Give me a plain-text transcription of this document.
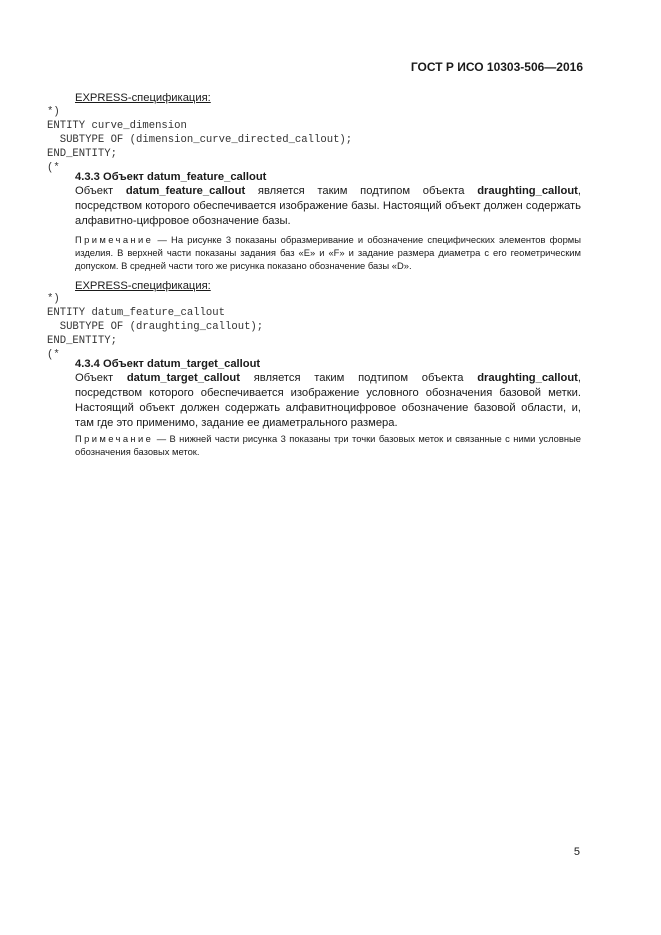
ГОСТ Р ИСО 10303-506—2016
EXPRESS-спецификация:
*)
ENTITY curve_dimension
SUBTYPE OF (dimension_curve_directed_callout);
END_ENTITY;
(*
4.3.3 Объект datum_feature_callout
Объект datum_feature_callout является таким подтипом объекта draughting_callout, посредством которого обеспечивается изображение базы. Настоящий объект должен содержать алфавитно-цифровое обозначение базы.
Примечание — На рисунке 3 показаны образмеривание и обозначение специфических элементов формы изделия. В верхней части показаны задания баз «E» и «F» и задание размера диаметра с его геометрическим допуском. В средней части того же рисунка показано обозначение базы «D».
EXPRESS-спецификация:
*)
ENTITY datum_feature_callout
SUBTYPE OF (draughting_callout);
END_ENTITY;
(*
4.3.4 Объект datum_target_callout
Объект datum_target_callout является таким подтипом объекта draughting_callout, посредством которого обеспечивается изображение условного обозначения базовой метки. Настоящий объект должен содержать алфавитноцифровое обозначение базовой области, и, там где это применимо, задание ее диаметрального размера.
Примечание — В нижней части рисунка 3 показаны три точки базовых меток и связанные с ними условные обозначения базовых меток.
5
